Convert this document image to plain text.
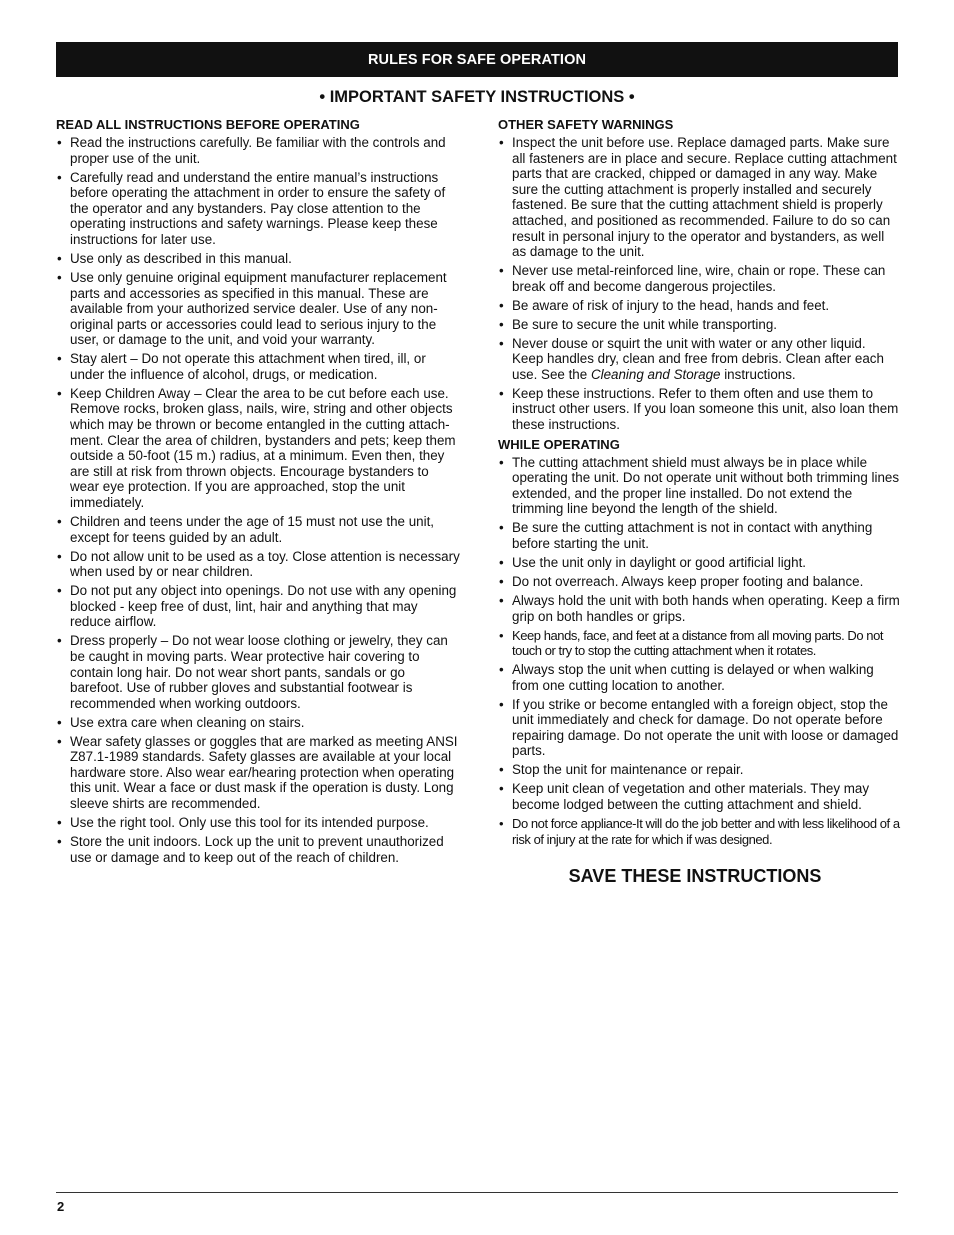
RULES FOR SAFE OPERATION
• IMPORTANT SAFETY INSTRUCTIONS •
READ ALL INSTRUCTIONS BEFORE OPERATING
• Read the instructions carefully. Be familiar with the controls and proper use of the unit.
• Carefully read and understand the entire manual’s instructions before operating the attachment in order to ensure the safety of the operator and any bystanders. Pay close attention to the operating instructions and safety warnings. Please keep these instructions for later use.
• Use only as described in this manual.
• Use only genuine original equipment manufacturer replacement parts and accessories as specified in this manual. These are available from your authorized service dealer. Use of any non-original parts or accessories could lead to serious injury to the user, or damage to the unit, and void your warranty.
• Stay alert – Do not operate this attachment when tired, ill, or under the influence of alcohol, drugs, or medication.
• Keep Children Away – Clear the area to be cut before each use. Remove rocks, broken glass, nails, wire, string and other objects which may be thrown or become entangled in the cutting attach-ment. Clear the area of children, bystanders and pets; keep them outside a 50-foot (15 m.) radius, at a minimum. Even then, they are still at risk from thrown objects. Encourage bystanders to wear eye protection. If you are approached, stop the unit immediately.
• Children and teens under the age of 15 must not use the unit, except for teens guided by an adult.
• Do not allow unit to be used as a toy. Close attention is necessary when used by or near children.
• Do not put any object into openings. Do not use with any opening blocked - keep free of dust, lint, hair and anything that may reduce airflow.
• Dress properly – Do not wear loose clothing or jewelry, they can be caught in moving parts. Wear protective hair covering to contain long hair. Do not wear short pants, sandals or go barefoot. Use of rubber gloves and substantial footwear is recommended when working outdoors.
• Use extra care when cleaning on stairs.
• Wear safety glasses or goggles that are marked as meeting ANSI Z87.1-1989 standards. Safety glasses are available at your local hardware store. Also wear ear/hearing protection when operating this unit. Wear a face or dust mask if the operation is dusty. Long sleeve shirts are recommended.
• Use the right tool. Only use this tool for its intended purpose.
• Store the unit indoors. Lock up the unit to prevent unauthorized use or damage and to keep out of the reach of children.
OTHER SAFETY WARNINGS
• Inspect the unit before use. Replace damaged parts. Make sure all fasteners are in place and secure. Replace cutting attachment parts that are cracked, chipped or damaged in any way. Make sure the cutting attachment is properly installed and securely fastened. Be sure that the cutting attachment shield is properly attached, and positioned as recommended. Failure to do so can result in personal injury to the operator and bystanders, as well as damage to the unit.
• Never use metal-reinforced line, wire, chain or rope. These can break off and become dangerous projectiles.
• Be aware of risk of injury to the head, hands and feet.
• Be sure to secure the unit while transporting.
• Never douse or squirt the unit with water or any other liquid. Keep handles dry, clean and free from debris. Clean after each use. See the Cleaning and Storage instructions.
• Keep these instructions. Refer to them often and use them to instruct other users. If you loan someone this unit, also loan them these instructions.
WHILE OPERATING
• The cutting attachment shield must always be in place while operating the unit. Do not operate unit without both trimming lines extended, and the proper line installed. Do not extend the trimming line beyond the length of the shield.
• Be sure the cutting attachment is not in contact with anything before starting the unit.
• Use the unit only in daylight or good artificial light.
• Do not overreach. Always keep proper footing and balance.
• Always hold the unit with both hands when operating. Keep a firm grip on both handles or grips.
• Keep hands, face, and feet at a distance from all moving parts. Do not touch or try to stop the cutting attachment when it rotates.
• Always stop the unit when cutting is delayed or when walking from one cutting location to another.
• If you strike or become entangled with a foreign object, stop the unit immediately and check for damage. Do not operate before repairing damage. Do not operate the unit with loose or damaged parts.
• Stop the unit for maintenance or repair.
• Keep unit clean of vegetation and other materials. They may become lodged between the cutting attachment and shield.
• Do not force appliance-It will do the job better and with less likelihood of a risk of injury at the rate for which if was designed.
SAVE THESE INSTRUCTIONS
2
